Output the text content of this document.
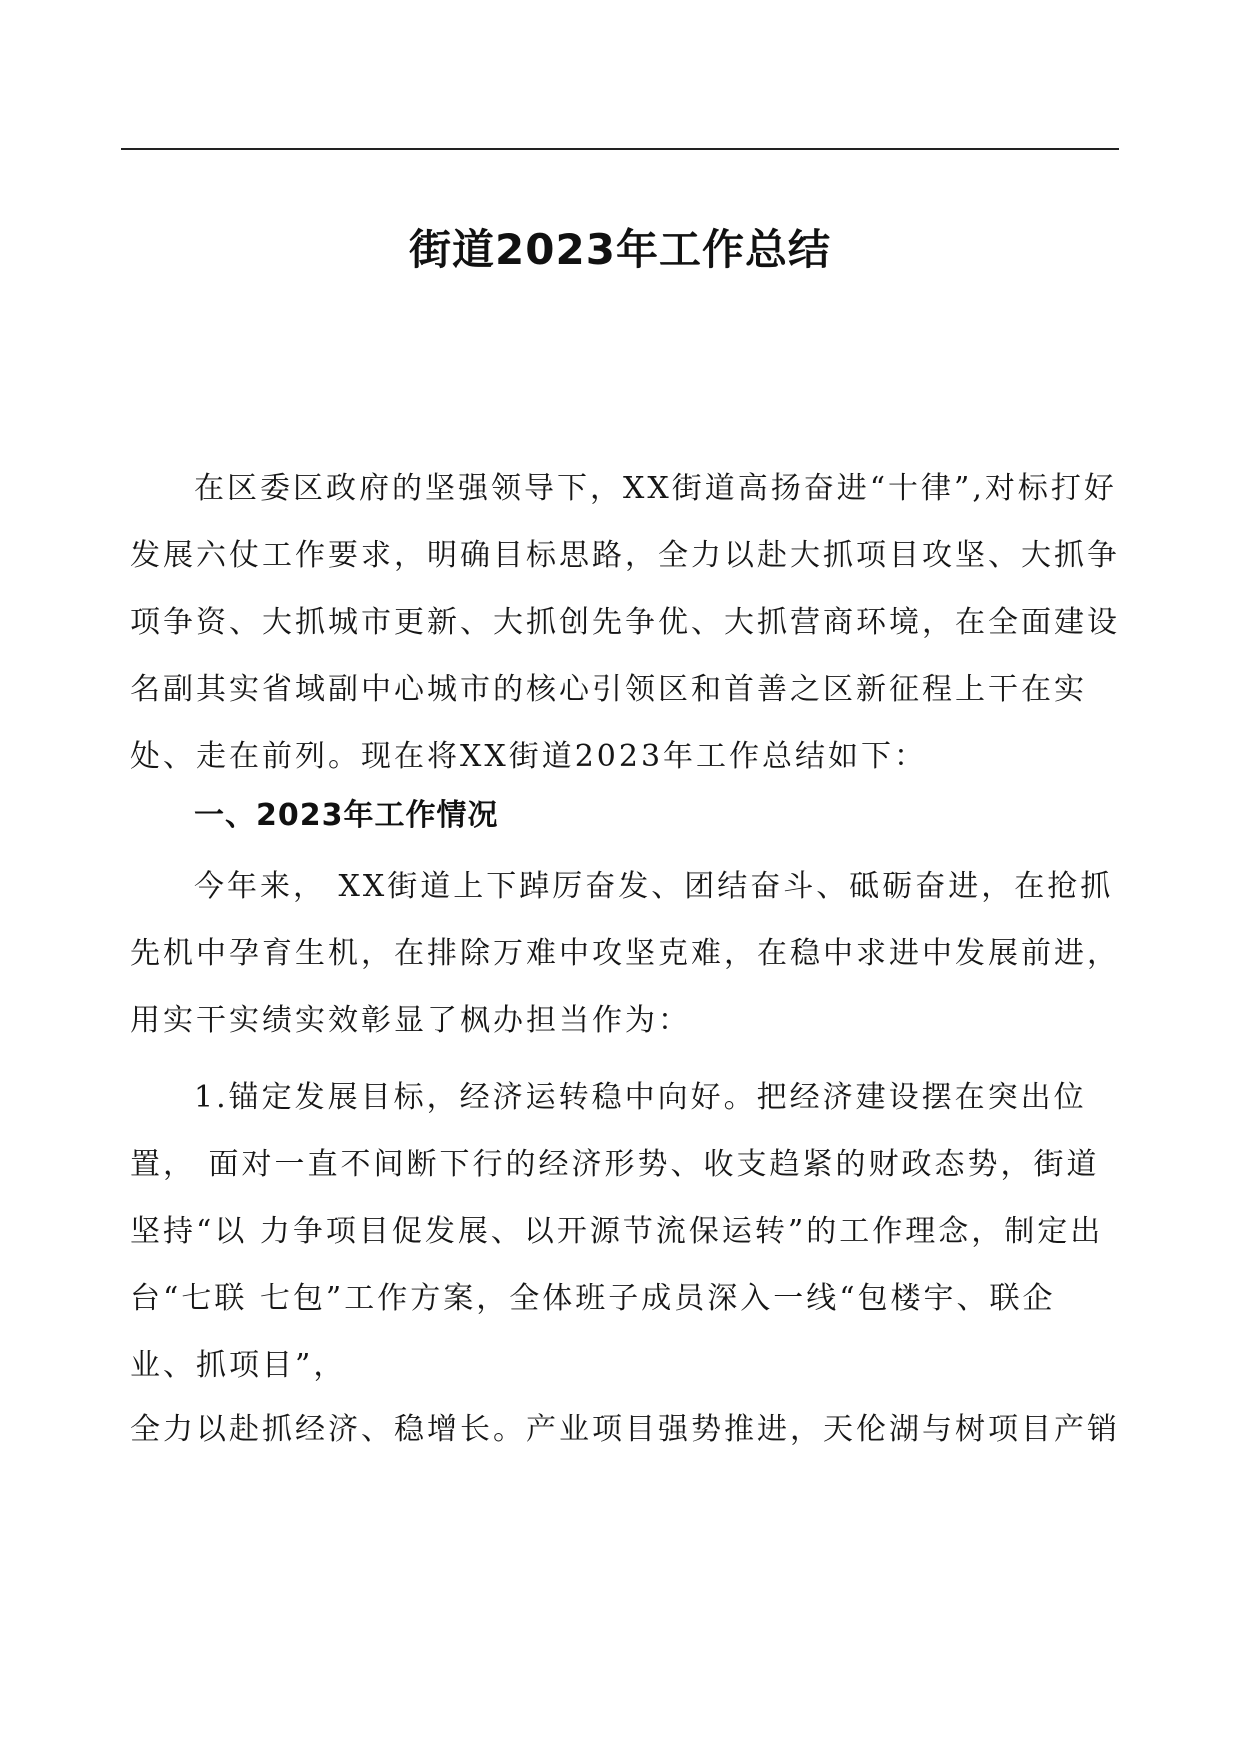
街道2023年工作总结

在区委区政府的坚强领导下，XX街道高扬奋进“十律”,对标打好发展六仗工作要求，明确目标思路，全力以赴大抓项目攻坚、大抓争项争资、大抓城市更新、大抓创先争优、大抓营商环境，在全面建设名副其实省域副中心城市的核心引领区和首善之区新征程上干在实处、走在前列。现在将XX街道2023年工作总结如下：

一、2023年工作情况

今年来， XX街道上下踔厉奋发、团结奋斗、砥砺奋进，在抢抓先机中孕育生机，在排除万难中攻坚克难，在稳中求进中发展前进，用实干实绩实效彰显了枫办担当作为：

1.锚定发展目标，经济运转稳中向好。把经济建设摆在突出位置， 面对一直不间断下行的经济形势、收支趋紧的财政态势，街道坚持“以 力争项目促发展、以开源节流保运转”的工作理念，制定出台“七联 七包”工作方案，全体班子成员深入一线“包楼宇、联企业、抓项目”，

全力以赴抓经济、稳增长。产业项目强势推进，天伦湖与树项目产销
